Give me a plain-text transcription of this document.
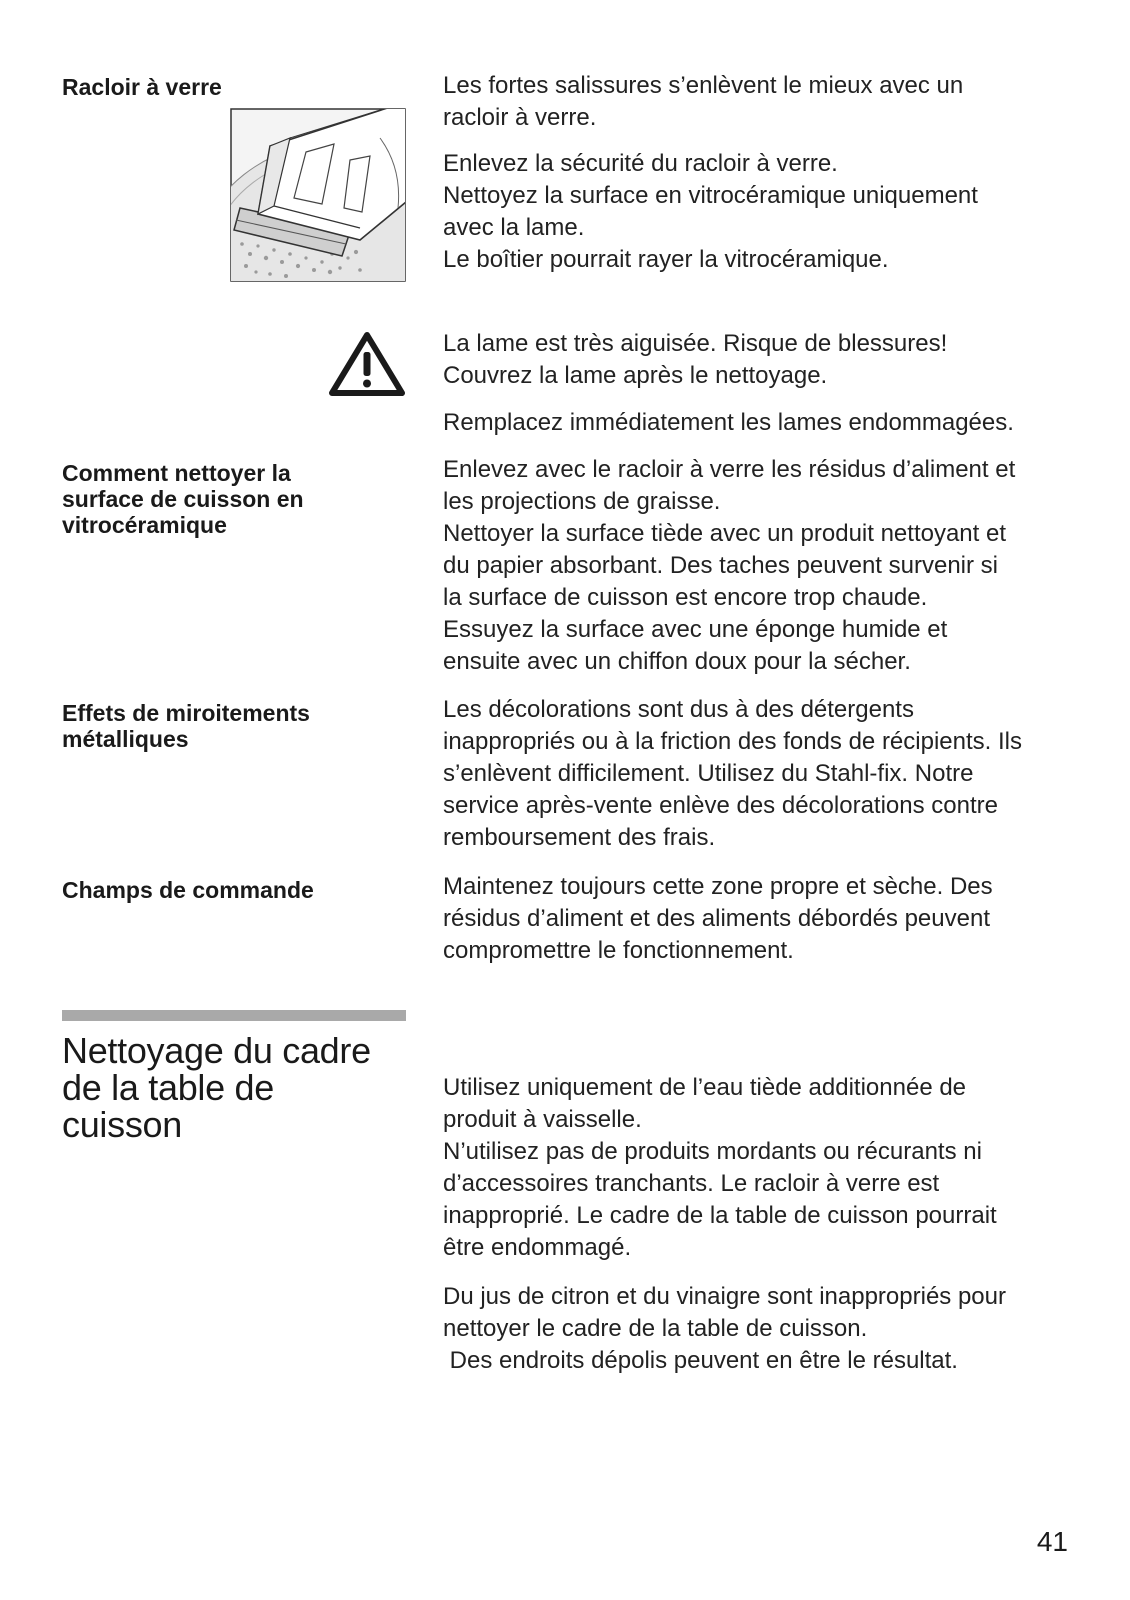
Racloir à verre	Les fortes salissures s’enlèvent le mieux avec un
racloir à verre.
Enlevez la sécurité du racloir à verre.
Nettoyez la surface en vitrocéramique uniquement
avec la lame.
Le boîtier pourrait rayer la vitrocéramique.
La lame est très aiguisée. Risque de blessures!
Couvrez la lame après le nettoyage.
Remplacez immédiatement les lames endommagées.
Comment nettoyer la
surface de cuisson en
vitrocéramique
Enlevez avec le racloir à verre les résidus d’aliment et
les projections de graisse.
Nettoyer la surface tiède avec un produit nettoyant et
du papier absorbant. Des taches peuvent survenir si
la surface de cuisson est encore trop chaude.
Essuyez la surface avec une éponge humide et
ensuite avec un chiffon doux pour la sécher.
Effets de miroitements
métalliques
Les décolorations sont dus à des détergents
inappropriés ou à la friction des fonds de récipients. Ils
s’enlèvent difficilement. Utilisez du Stahl-fix. Notre
service après-vente enlève des décolorations contre
remboursement des frais.
Champs de commande	Maintenez toujours cette zone propre et sèche. Des
résidus d’aliment et des aliments débordés peuvent
compromettre le fonctionnement.
Nettoyage du cadre
de la table de
cuisson
Utilisez uniquement de l’eau tiède additionnée de
produit à vaisselle.
N’utilisez pas de produits mordants ou récurants ni
d’accessoires tranchants. Le racloir à verre est
inapproprié. Le cadre de la table de cuisson pourrait
être endommagé.
Du jus de citron et du vinaigre sont inappropriés pour
nettoyer le cadre de la table de cuisson.
Des endroits dépolis peuvent en être le résultat.
41
